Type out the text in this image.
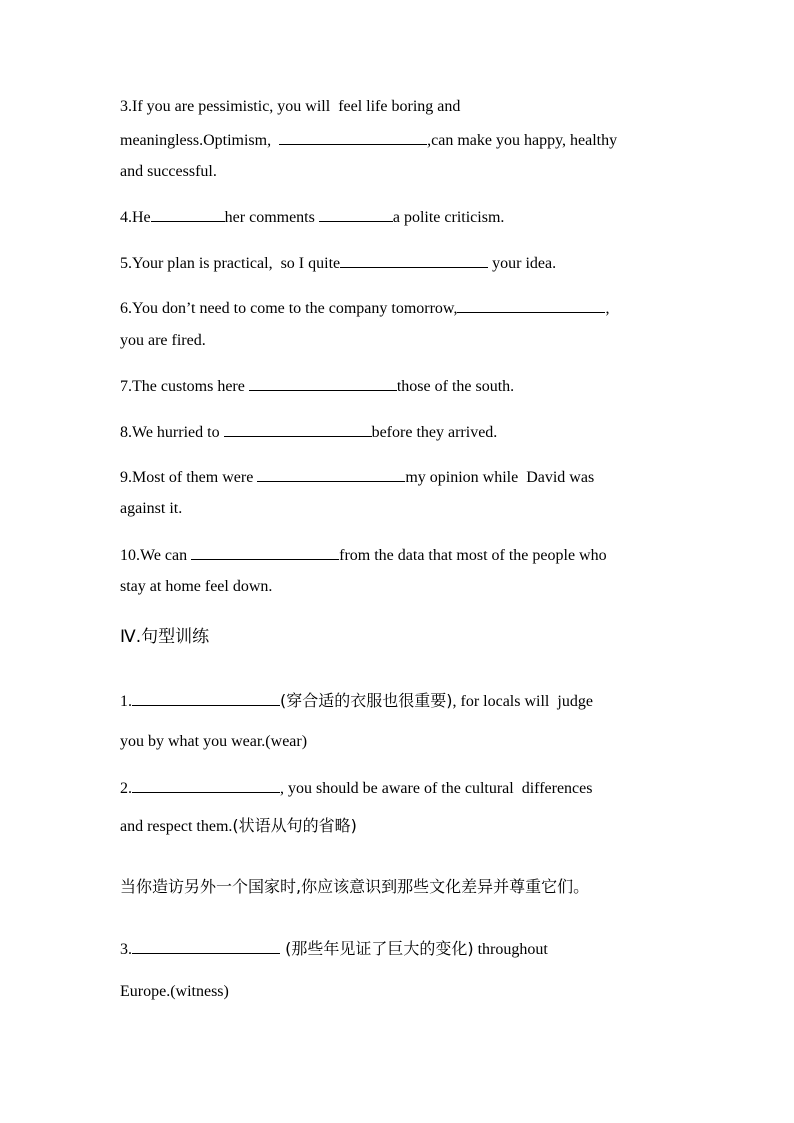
3.If you are pessimistic, you will  feel life boring and
meaningless.Optimism,	,can make you happy, healthy
and successful.
4.He	her comments	a polite criticism.
5.Your plan is practical,  so I quite	your idea.
6.You don’t need to come to the company tomorrow,	,
you are fired.
7.The customs here	those of the south.
8.We hurried to	before they arrived.
9.Most of them were	my opinion while  David was
against it.
10.We can	from the data that most of the people who
stay at home feel down.
Ⅳ.句型训练
1.	(穿合适的衣服也很重要), for locals will  judge
you by what you wear.(wear)
2.	, you should be aware of the cultural  differences
and respect them.(状语从句的省略)
当你造访另外一个国家时,你应该意识到那些文化差异并尊重它们。
3.	(那些年见证了巨大的变化) throughout
Europe.(witness)
